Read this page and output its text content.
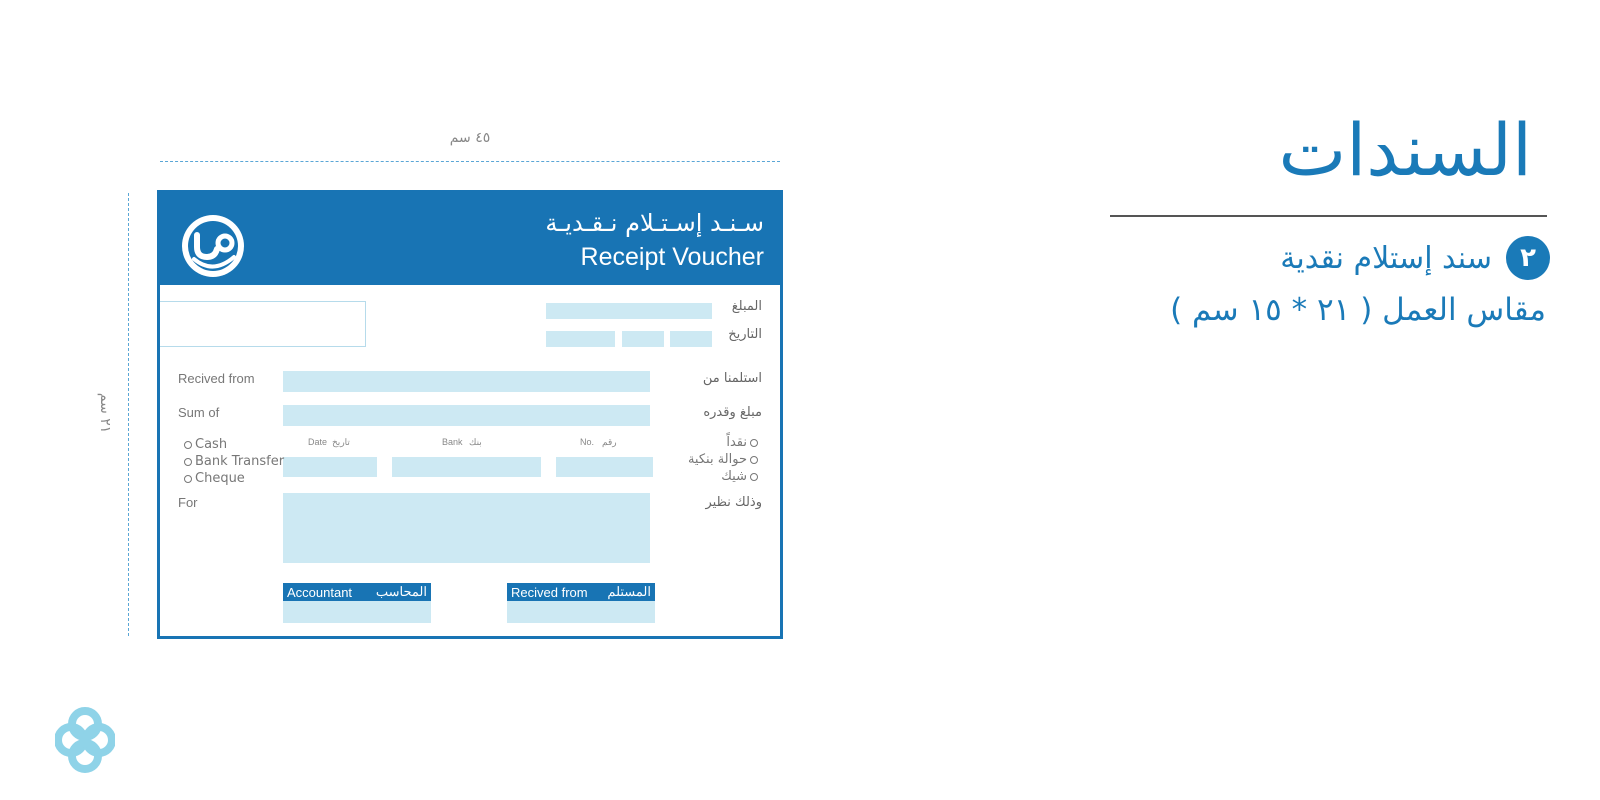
السندات
٢
سند إستلام نقدية
مقاس العمل ( ٢١ * ١٥ سم )
٤٥ سم
٢١ سم
سـنـد إسـتـلام نـقـديـة
Receipt Voucher
المبلغ
التاريخ
Recived from	استلمنا من
Sum of	مبلغ وقدره
Date تاريخ	Bank بنك	No. رقم
Cash
Bank Transfer
Cheque
نقداً
حوالة بنكية
شيك
For	وذلك نظير
Accountant المحاسب	Recived from المستلم
